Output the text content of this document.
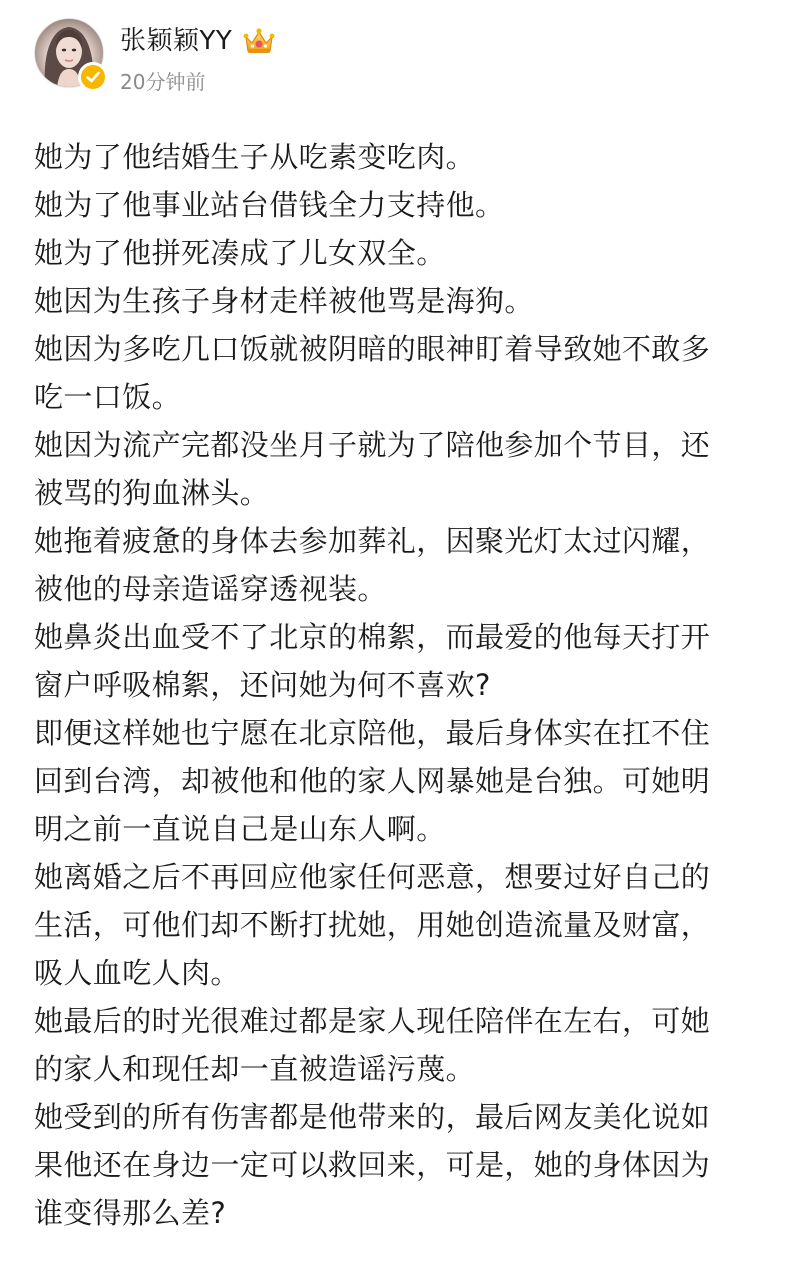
张颖颖YY
20分钟前
她为了他结婚生子从吃素变吃肉。
她为了他事业站台借钱全力支持他。
她为了他拼死凑成了儿女双全。
她因为生孩子身材走样被他骂是海狗。
她因为多吃几口饭就被阴暗的眼神盯着导致她不敢多
吃一口饭。
她因为流产完都没坐月子就为了陪他参加个节目，还
被骂的狗血淋头。
她拖着疲惫的身体去参加葬礼，因聚光灯太过闪耀，
被他的母亲造谣穿透视装。
她鼻炎出血受不了北京的棉絮，而最爱的他每天打开
窗户呼吸棉絮，还问她为何不喜欢?
即便这样她也宁愿在北京陪他，最后身体实在扛不住
回到台湾，却被他和他的家人网暴她是台独。可她明
明之前一直说自己是山东人啊。
她离婚之后不再回应他家任何恶意，想要过好自己的
生活，可他们却不断打扰她，用她创造流量及财富，
吸人血吃人肉。
她最后的时光很难过都是家人现任陪伴在左右，可她
的家人和现任却一直被造谣污蔑。
她受到的所有伤害都是他带来的，最后网友美化说如
果他还在身边一定可以救回来，可是，她的身体因为
谁变得那么差?
